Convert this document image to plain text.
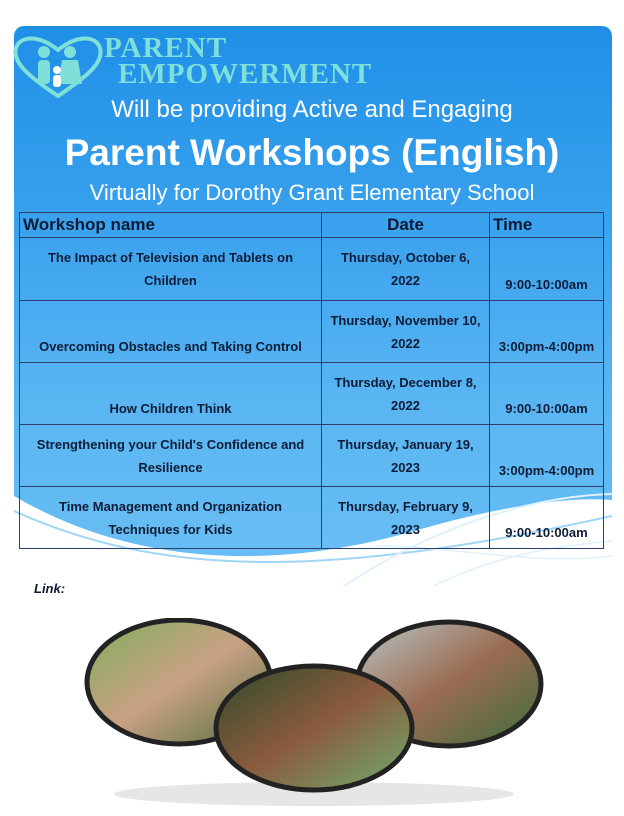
PARENT
EMPOWERMENT
Will be providing Active and Engaging
Parent Workshops (English)
Virtually for Dorothy Grant Elementary School
Workshop name	Date	Time
The Impact of Television and Tablets on Children	Thursday, October 6, 2022	9:00-10:00am
Overcoming Obstacles and Taking Control	Thursday, November 10, 2022	3:00pm-4:00pm
How Children Think	Thursday, December 8, 2022	9:00-10:00am
Strengthening your Child's Confidence and Resilience	Thursday, January 19, 2023	3:00pm-4:00pm
Time Management and Organization Techniques for Kids	Thursday, February 9, 2023	9:00-10:00am
Link:
